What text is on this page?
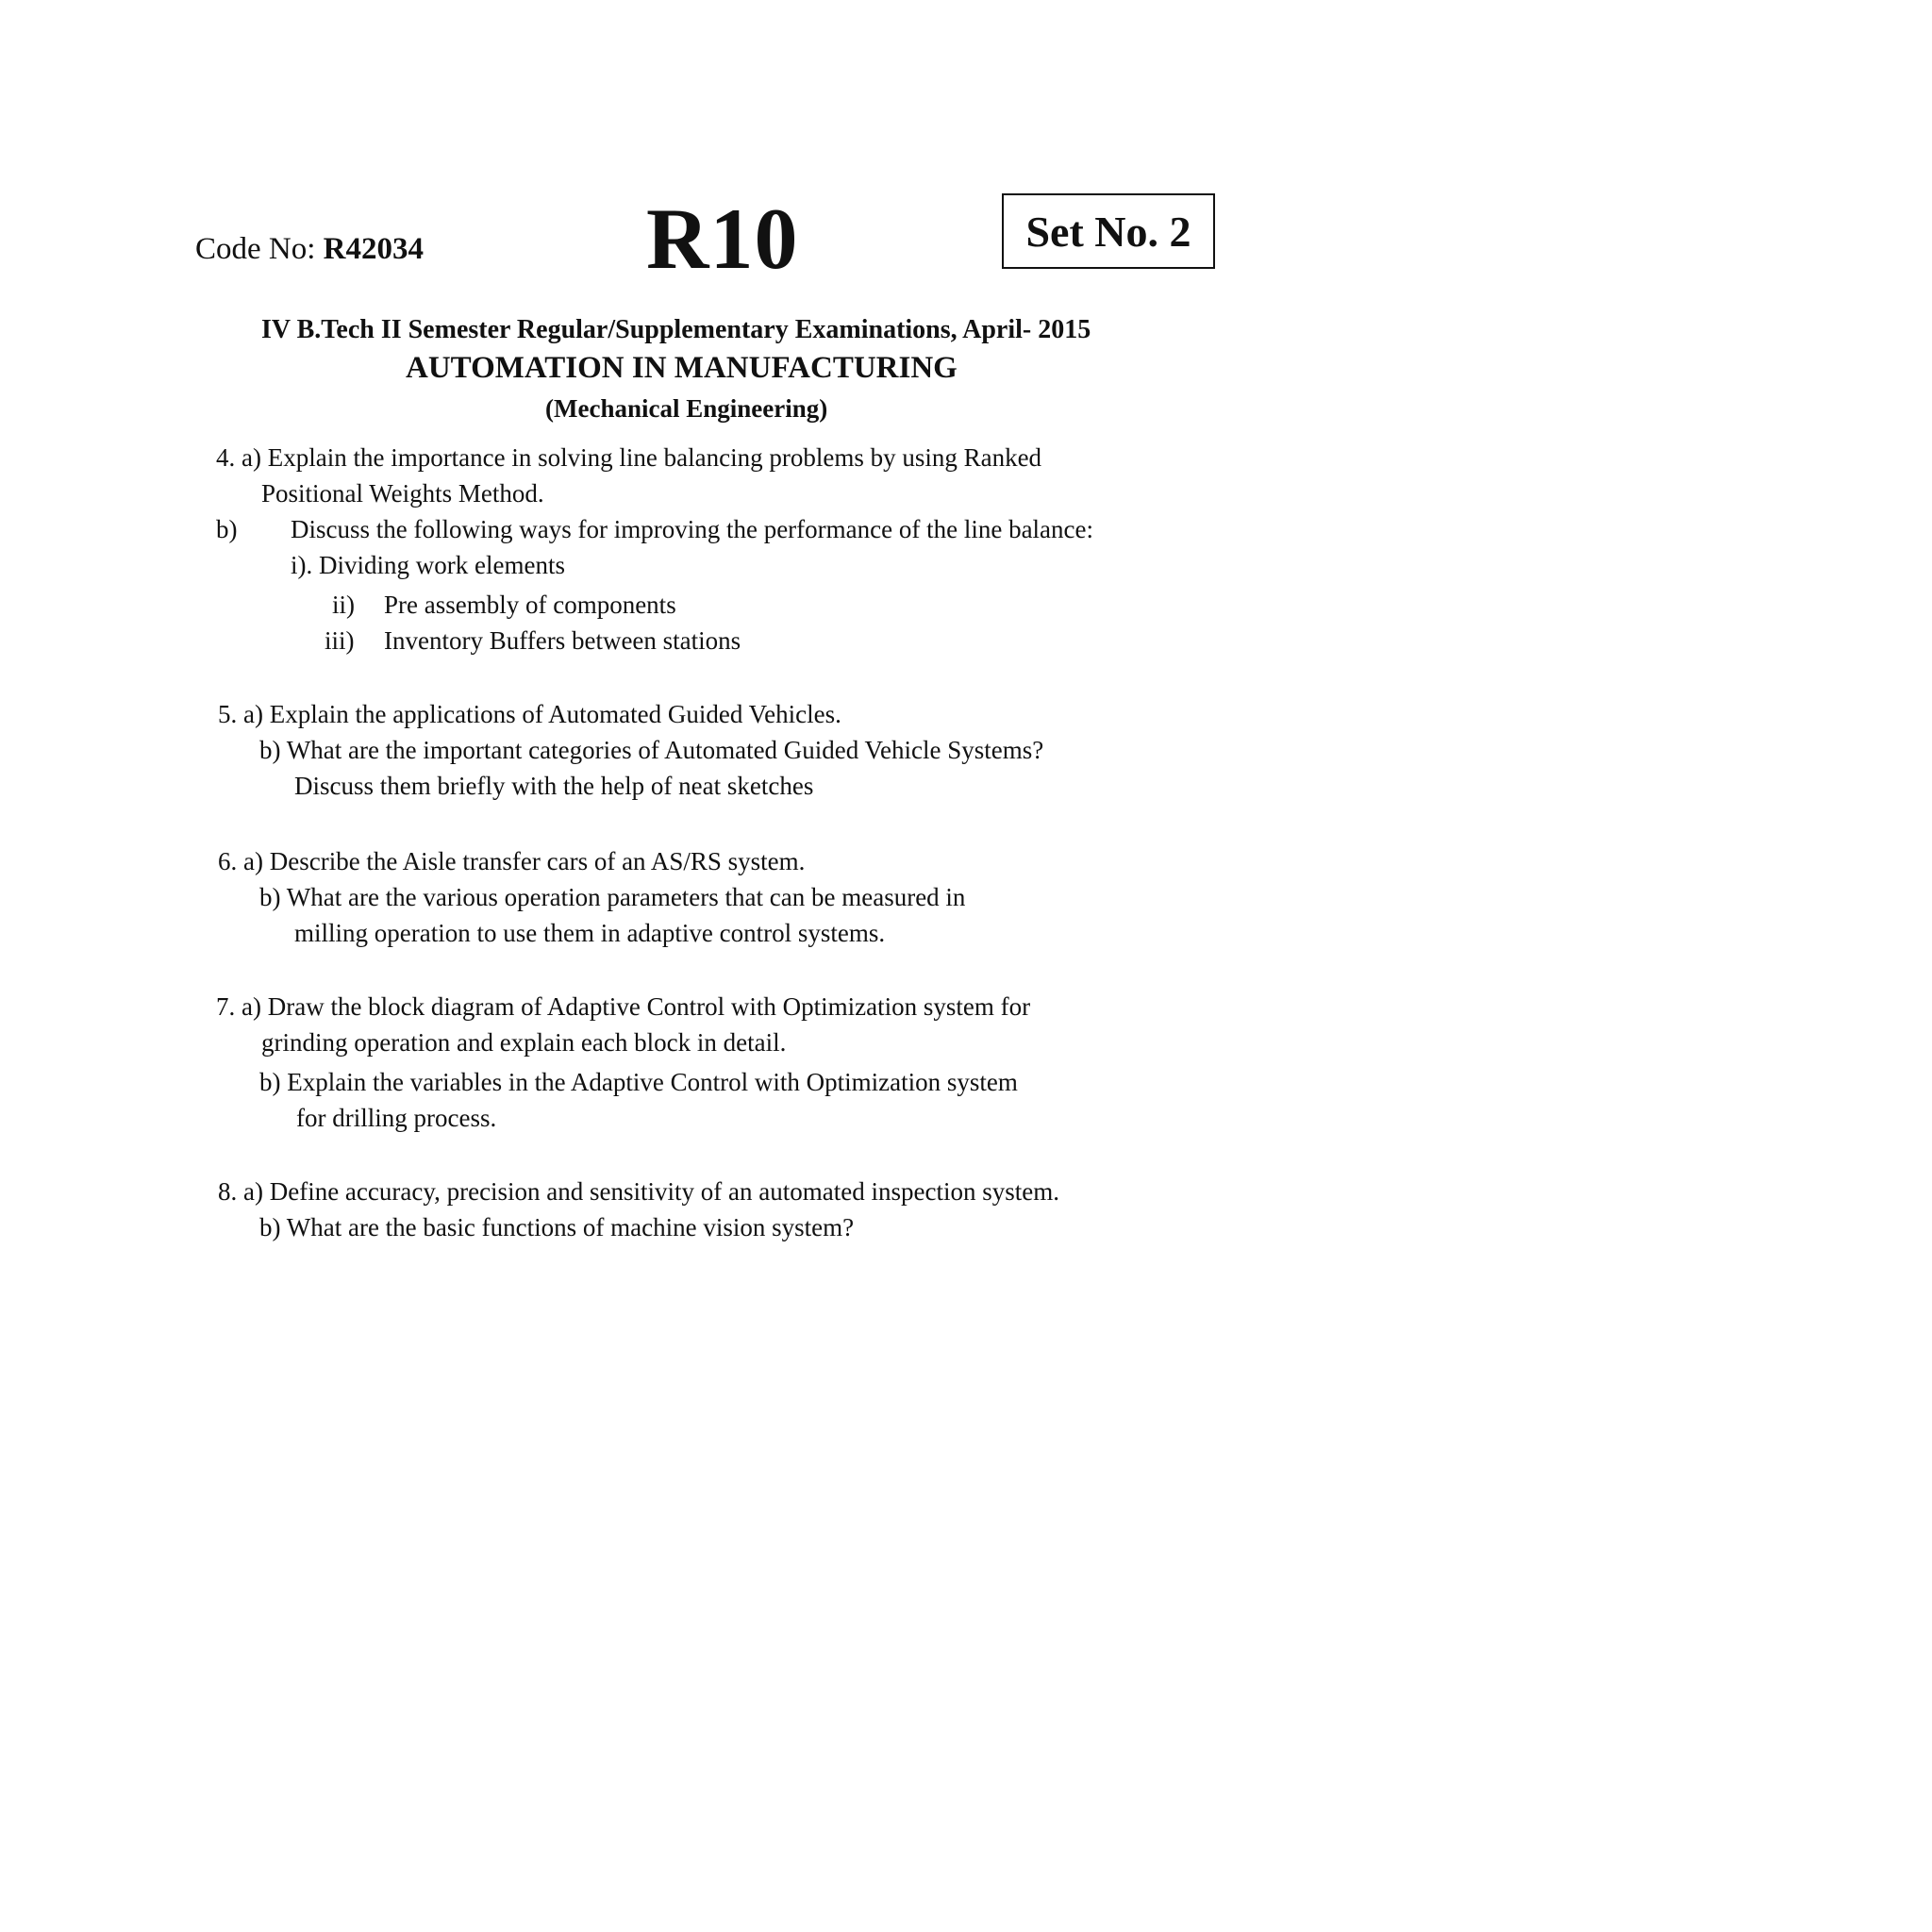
Code No: R42034	R10	Set No. 2
IV B.Tech II Semester Regular/Supplementary Examinations, April- 2015
AUTOMATION IN MANUFACTURING
(Mechanical Engineering)
4. a) Explain the importance in solving line balancing problems by using Ranked
Positional Weights Method.
b) Discuss the following ways for improving the performance of the line balance:
i). Dividing work elements
ii) Pre assembly of components
iii) Inventory Buffers between stations
5. a) Explain the applications of Automated Guided Vehicles.
b) What are the important categories of Automated Guided Vehicle Systems?
Discuss them briefly with the help of neat sketches
6. a) Describe the Aisle transfer cars of an AS/RS system.
b) What are the various operation parameters that can be measured in
milling operation to use them in adaptive control systems.
7. a) Draw the block diagram of Adaptive Control with Optimization system for
grinding operation and explain each block in detail.
b) Explain the variables in the Adaptive Control with Optimization system
for drilling process.
8. a) Define accuracy, precision and sensitivity of an automated inspection system.
b) What are the basic functions of machine vision system?
